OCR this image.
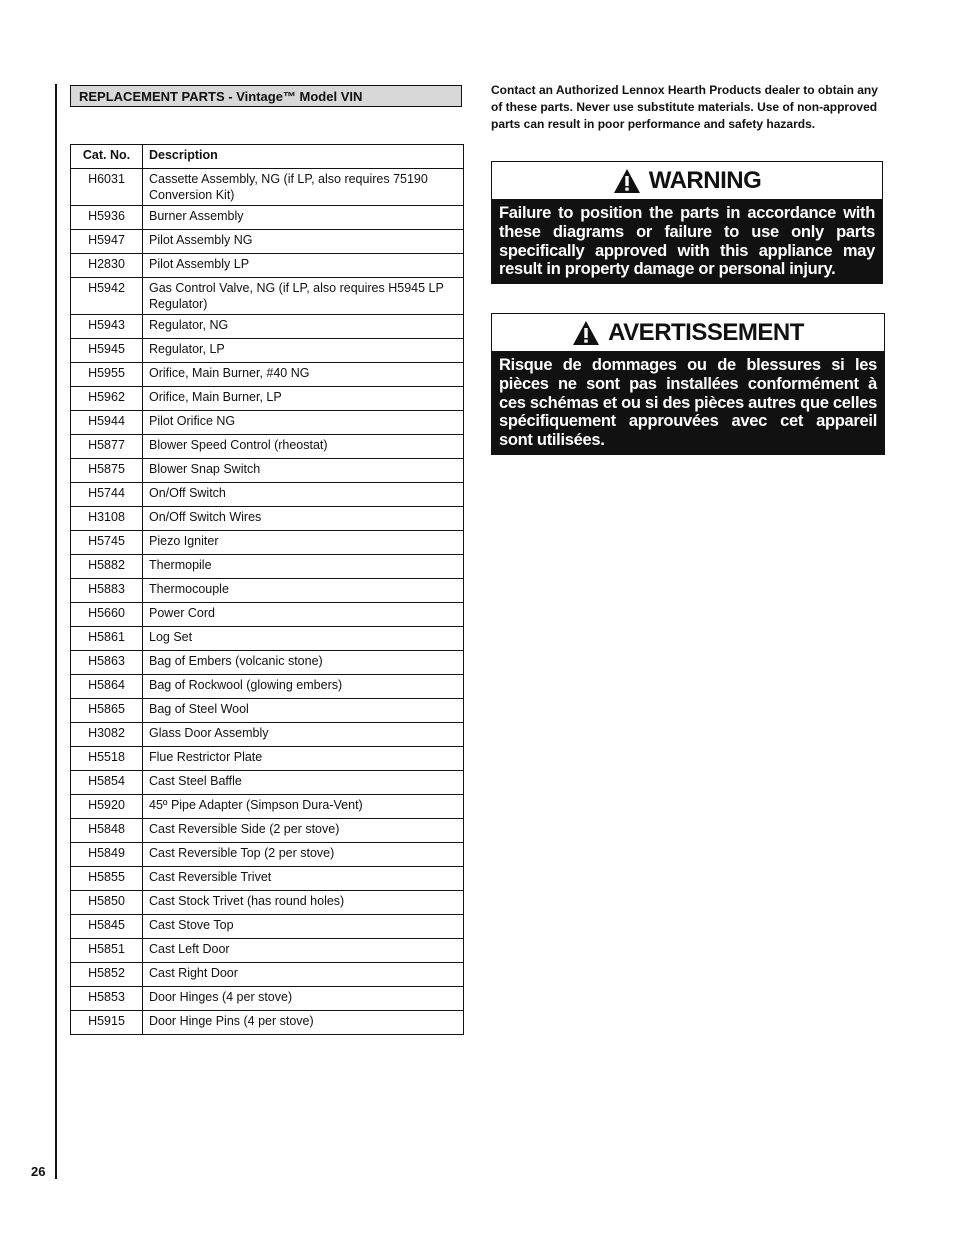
26
REPLACEMENT PARTS - Vintage™ Model VIN
Cat. No.	Description
H6031	Cassette Assembly, NG (if LP, also requires 75190 Conversion Kit)
H5936	Burner Assembly
H5947	Pilot Assembly NG
H2830	Pilot Assembly LP
H5942	Gas Control Valve, NG (if LP, also requires H5945 LP Regulator)
H5943	Regulator, NG
H5945	Regulator, LP
H5955	Orifice, Main Burner, #40 NG
H5962	Orifice, Main Burner, LP
H5944	Pilot Orifice NG
H5877	Blower Speed Control (rheostat)
H5875	Blower Snap Switch
H5744	On/Off Switch
H3108	On/Off Switch Wires
H5745	Piezo Igniter
H5882	Thermopile
H5883	Thermocouple
H5660	Power Cord
H5861	Log Set
H5863	Bag of Embers (volcanic stone)
H5864	Bag of Rockwool (glowing embers)
H5865	Bag of Steel Wool
H3082	Glass Door Assembly
H5518	Flue Restrictor Plate
H5854	Cast Steel Baffle
H5920	45º Pipe Adapter (Simpson Dura-Vent)
H5848	Cast Reversible Side (2 per stove)
H5849	Cast Reversible Top (2 per stove)
H5855	Cast Reversible Trivet
H5850	Cast Stock Trivet (has round holes)
H5845	Cast Stove Top
H5851	Cast Left Door
H5852	Cast Right Door
H5853	Door Hinges (4 per stove)
H5915	Door Hinge Pins (4 per stove)
Contact an Authorized Lennox Hearth Products dealer to obtain any of these parts. Never use substitute materials. Use of non-approved parts can result in poor performance and safety hazards.
WARNING
Failure to position the parts in accordance with these diagrams or failure to use only parts specifically approved with this appliance may result in property damage or personal injury.
AVERTISSEMENT
Risque de dommages ou de blessures si les pièces ne sont pas installées conformément à ces schémas et ou si des pièces autres que celles spécifiquement approuvées avec cet appareil sont utilisées.
